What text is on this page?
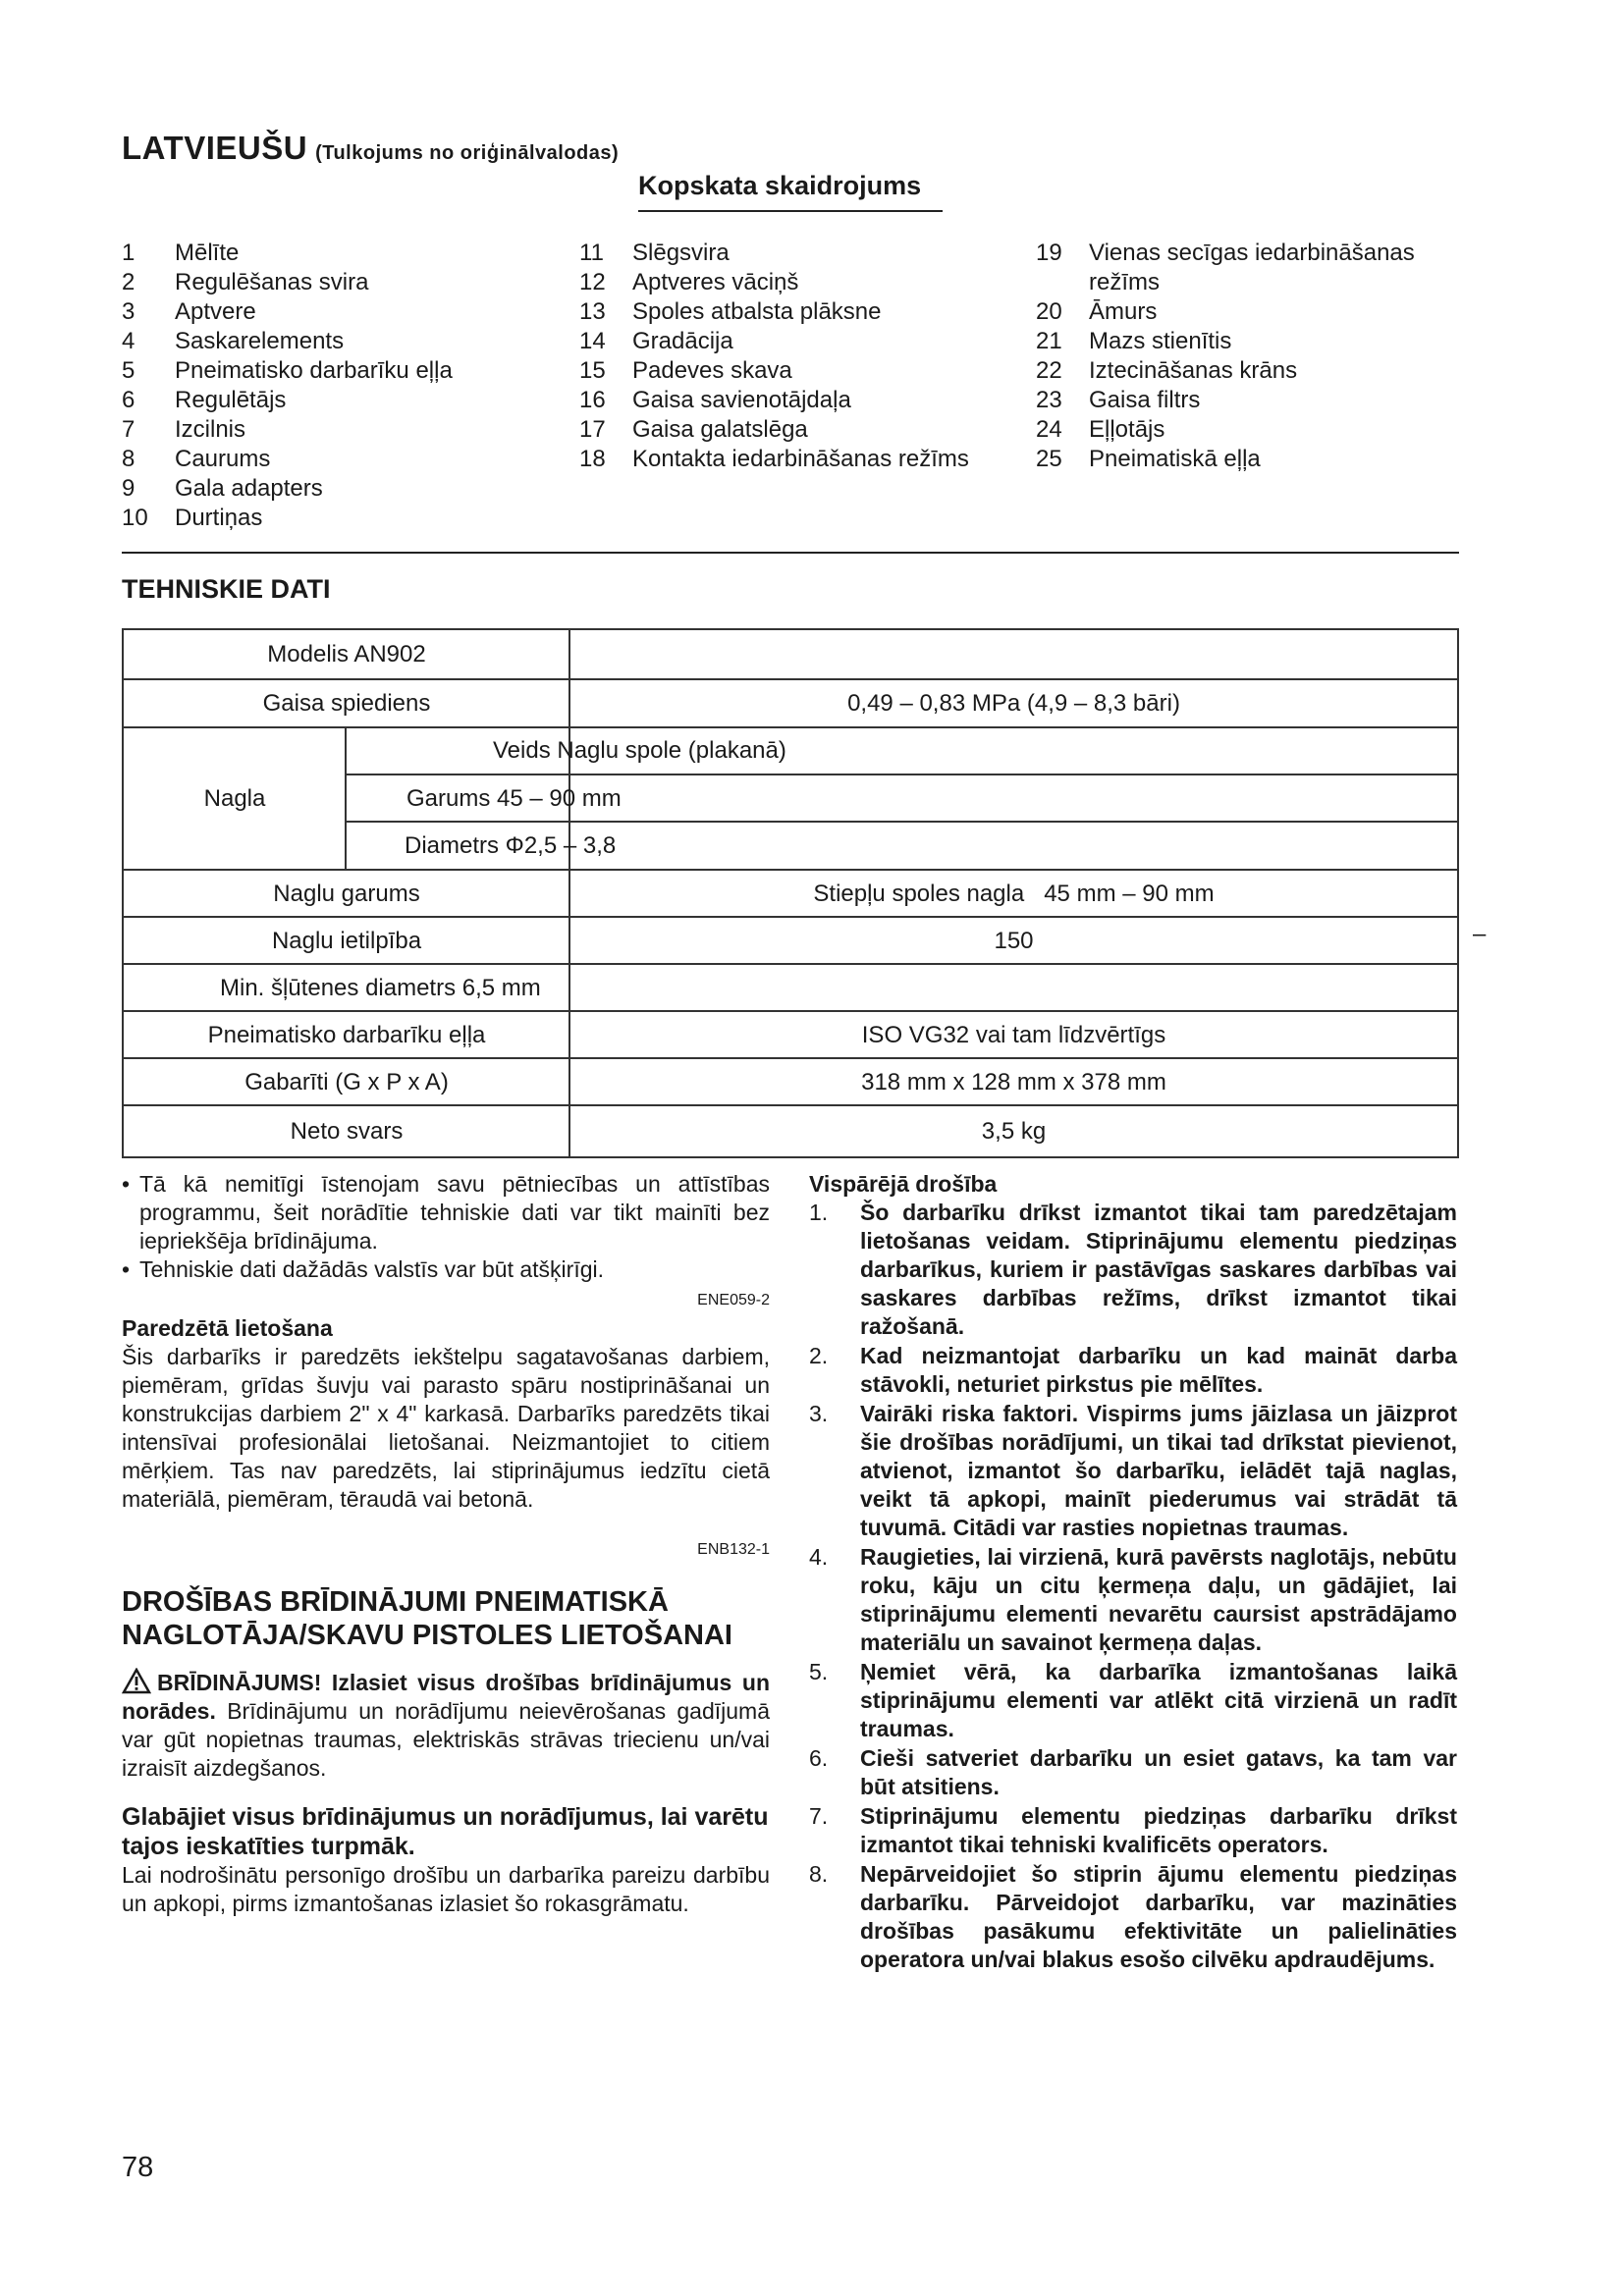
LATVIEUŠU (Tulkojums no oriģinālvalodas)
Kopskata skaidrojums
1	Mēlīte
2	Regulēšanas svira
3	Aptvere
4	Saskarelements
5	Pneimatisko darbarīku eļļa
6	Regulētājs
7	Izcilnis
8	Caurums
9	Gala adapters
10	Durtiņas
11	Slēgsvira
12	Aptveres vāciņš
13	Spoles atbalsta plāksne
14	Gradācija
15	Padeves skava
16	Gaisa savienotājdaļa
17	Gaisa galatslēga
18	Kontakta iedarbināšanas režīms
19	Vienas secīgas iedarbināšanas režīms
20	Āmurs
21	Mazs stienītis
22	Iztecināšanas krāns
23	Gaisa filtrs
24	Eļļotājs
25	Pneimatiskā eļļa
TEHNISKIE DATI
Modelis AN902
Gaisa spiediens	0,49 – 0,83 MPa (4,9 – 8,3 bāri)
Nagla
Veids Naglu spole (plakanā)
Garums 45 – 90 mm
Diametrs Φ2,5 – 3,8
Naglu garums	Stiepļu spoles nagla   45 mm – 90 mm
Naglu ietilpība	150
Min. šļūtenes diametrs 6,5 mm
Pneimatisko darbarīku eļļa	ISO VG32 vai tam līdzvērtīgs
Gabarīti (G x P x A)	318 mm x 128 mm x 378 mm
Neto svars	3,5 kg
–
• Tā kā nemitīgi īstenojam savu pētniecības un attīstības programmu, šeit norādītie tehniskie dati var tikt mainīti bez iepriekšēja brīdinājuma.
• Tehniskie dati dažādās valstīs var būt atšķirīgi.
ENE059-2
Paredzētā lietošana
Šis darbarīks ir paredzēts iekštelpu sagatavošanas darbiem, piemēram, grīdas šuvju vai parasto spāru nostiprināšanai un konstrukcijas darbiem 2" x 4" karkasā. Darbarīks paredzēts tikai intensīvai profesionālai lietošanai. Neizmantojiet to citiem mērķiem. Tas nav paredzēts, lai stiprinājumus iedzītu cietā materiālā, piemēram, tēraudā vai betonā.
ENB132-1
DROŠĪBAS BRĪDINĀJUMI PNEIMATISKĀ NAGLOTĀJA/SKAVU PISTOLES LIETOŠANAI
BRĪDINĀJUMS! Izlasiet visus drošības brīdinājumus un norādes. Brīdinājumu un norādījumu neievērošanas gadījumā var gūt nopietnas traumas, elektriskās strāvas triecienu un/vai izraisīt aizdegšanos.
Glabājiet visus brīdinājumus un norādījumus, lai varētu tajos ieskatīties turpmāk.
Lai nodrošinātu personīgo drošību un darbarīka pareizu darbību un apkopi, pirms izmantošanas izlasiet šo rokasgrāmatu.
Vispārējā drošība
1.	Šo darbarīku drīkst izmantot tikai tam paredzētajam lietošanas veidam. Stiprinājumu elementu piedziņas darbarīkus, kuriem ir pastāvīgas saskares darbības vai saskares darbības režīms, drīkst izmantot tikai ražošanā.
2.	Kad neizmantojat darbarīku un kad maināt darba stāvokli, neturiet pirkstus pie mēlītes.
3.	Vairāki riska faktori. Vispirms jums jāizlasa un jāizprot šie drošības norādījumi, un tikai tad drīkstat pievienot, atvienot, izmantot šo darbarīku, ielādēt tajā naglas, veikt tā apkopi, mainīt piederumus vai strādāt tā tuvumā. Citādi var rasties nopietnas traumas.
4.	Raugieties, lai virzienā, kurā pavērsts naglotājs, nebūtu roku, kāju un citu ķermeņa daļu, un gādājiet, lai stiprinājumu elementi nevarētu caursist apstrādājamo materiālu un savainot ķermeņa daļas.
5.	Ņemiet vērā, ka darbarīka izmantošanas laikā stiprinājumu elementi var atlēkt citā virzienā un radīt traumas.
6.	Cieši satveriet darbarīku un esiet gatavs, ka tam var būt atsitiens.
7.	Stiprinājumu elementu piedziņas darbarīku drīkst izmantot tikai tehniski kvalificēts operators.
8.	Nepārveidojiet šo stiprin ājumu elementu piedziņas darbarīku. Pārveidojot darbarīku, var mazināties drošības pasākumu efektivitāte un palielināties operatora un/vai blakus esošo cilvēku apdraudējums.
78
